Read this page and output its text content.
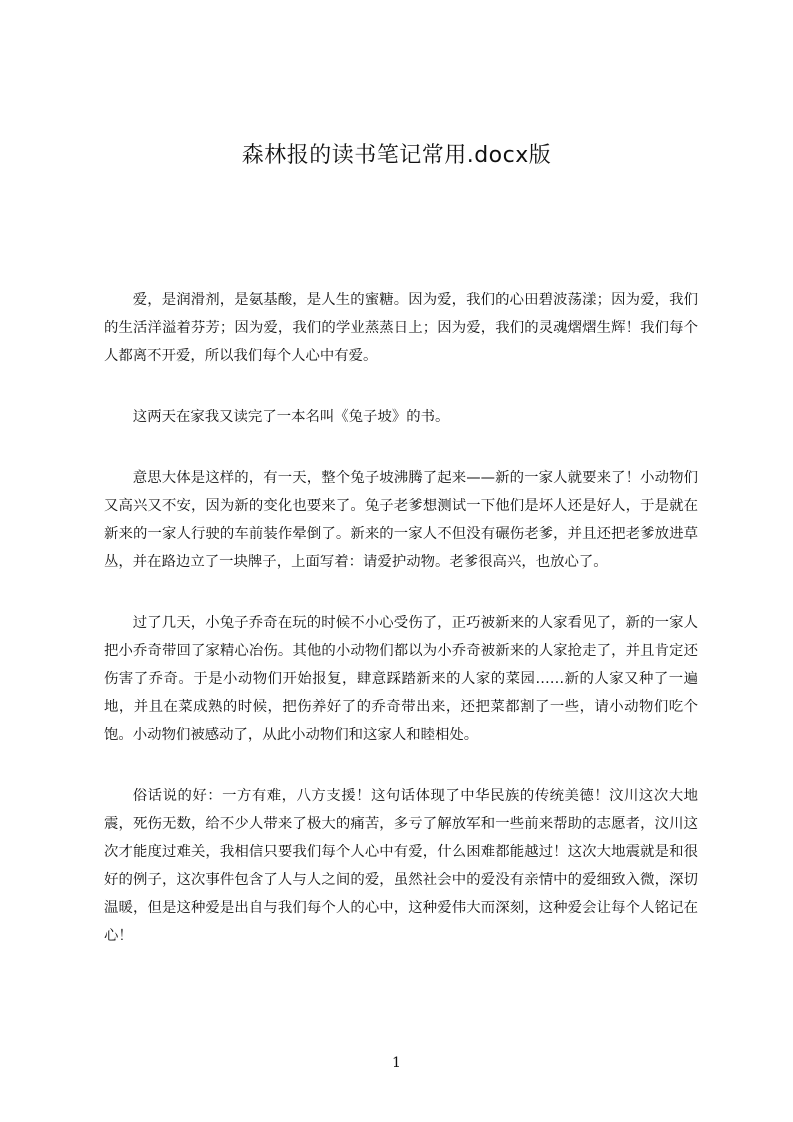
森林报的读书笔记常用.docx版

爱，是润滑剂，是氨基酸，是人生的蜜糖。因为爱，我们的心田碧波荡漾；因为爱，我们的生活洋溢着芬芳；因为爱，我们的学业蒸蒸日上；因为爱，我们的灵魂熠熠生辉！我们每个人都离不开爱，所以我们每个人心中有爱。

这两天在家我又读完了一本名叫《兔子坡》的书。

意思大体是这样的，有一天，整个兔子坡沸腾了起来——新的一家人就要来了！小动物们又高兴又不安，因为新的变化也要来了。兔子老爹想测试一下他们是坏人还是好人，于是就在新来的一家人行驶的车前装作晕倒了。新来的一家人不但没有碾伤老爹，并且还把老爹放进草丛，并在路边立了一块牌子，上面写着：请爱护动物。老爹很高兴，也放心了。

过了几天，小兔子乔奇在玩的时候不小心受伤了，正巧被新来的人家看见了，新的一家人把小乔奇带回了家精心冶伤。其他的小动物们都以为小乔奇被新来的人家抢走了，并且肯定还伤害了乔奇。于是小动物们开始报复，肆意踩踏新来的人家的菜园……新的人家又种了一遍地，并且在菜成熟的时候，把伤养好了的乔奇带出来，还把菜都割了一些，请小动物们吃个饱。小动物们被感动了，从此小动物们和这家人和睦相处。

俗话说的好：一方有难，八方支援！这句话体现了中华民族的传统美德！汶川这次大地震，死伤无数，给不少人带来了极大的痛苦，多亏了解放军和一些前来帮助的志愿者，汶川这次才能度过难关，我相信只要我们每个人心中有爱，什么困难都能越过！这次大地震就是和很好的例子，这次事件包含了人与人之间的爱，虽然社会中的爱没有亲情中的爱细致入微，深切温暖，但是这种爱是出自与我们每个人的心中，这种爱伟大而深刻，这种爱会让每个人铭记在心！

1
